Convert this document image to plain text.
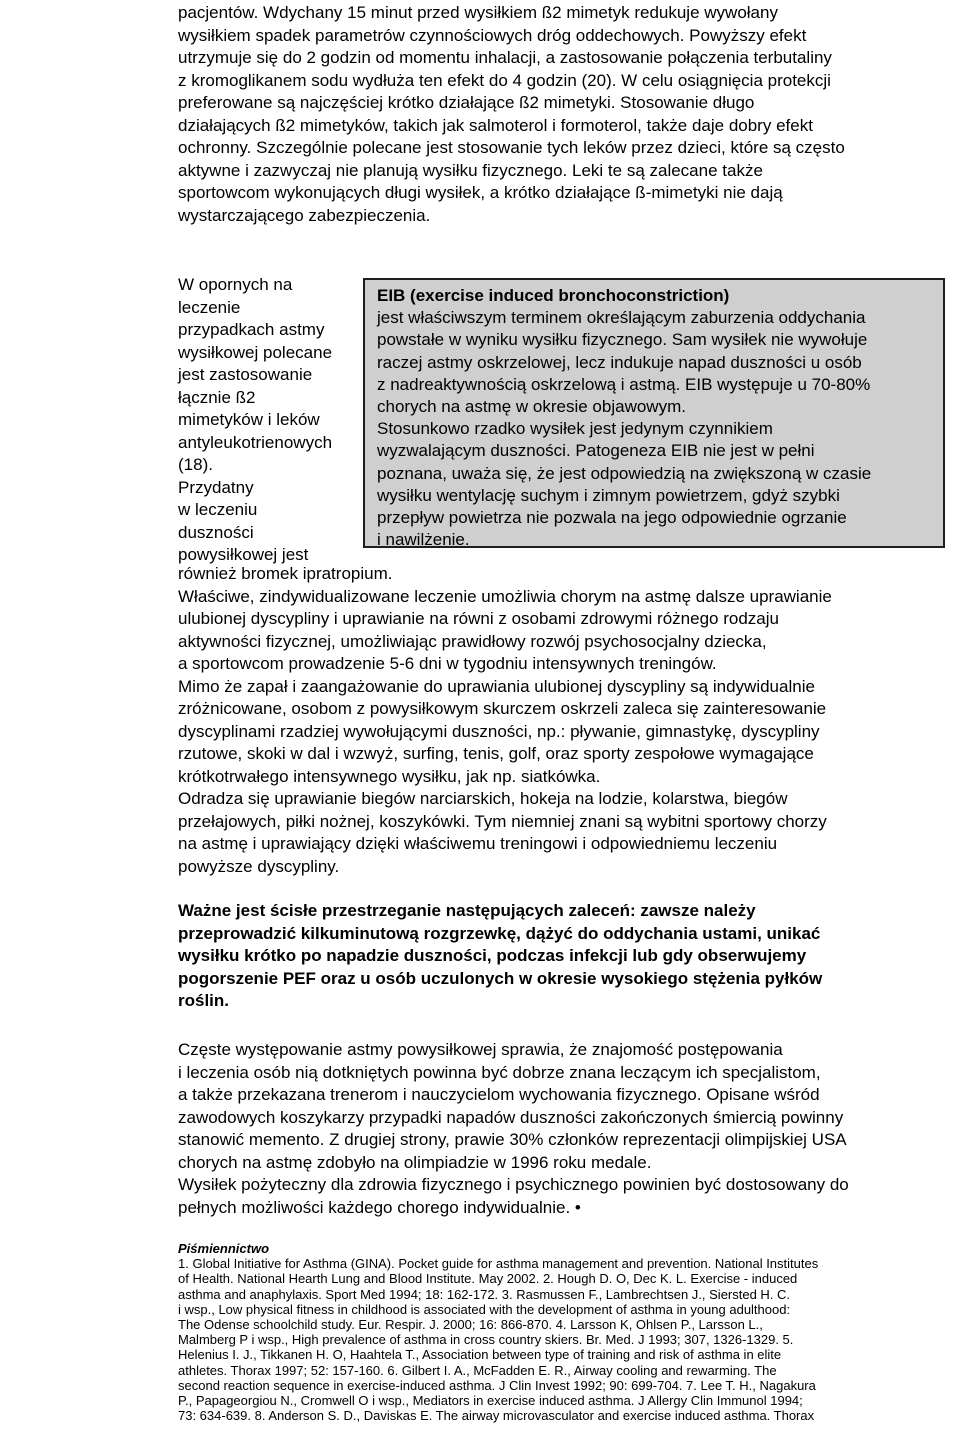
pacjentów. Wdychany 15 minut przed wysiłkiem ß2 mimetyk redukuje wywołany
wysiłkiem spadek parametrów czynnościowych dróg oddechowych. Powyższy efekt
utrzymuje się do 2 godzin od momentu inhalacji, a zastosowanie połączenia terbutaliny
z kromoglikanem sodu wydłuża ten efekt do 4 godzin (20). W celu osiągnięcia protekcji
preferowane są najczęściej krótko działające ß2 mimetyki. Stosowanie długo
działających ß2 mimetyków, takich jak salmoterol i formoterol, także daje dobry efekt
ochronny. Szczególnie polecane jest stosowanie tych leków przez dzieci, które są często
aktywne i zazwyczaj nie planują wysiłku fizycznego. Leki te są zalecane także
sportowcom wykonujących długi wysiłek, a krótko działające ß-mimetyki nie dają
wystarczającego zabezpieczenia.
W opornych na
leczenie
przypadkach astmy
wysiłkowej polecane
jest zastosowanie
łącznie ß2
mimetyków i leków
antyleukotrienowych
(18).
Przydatny
w leczeniu
duszności
powysiłkowej jest
EIB (exercise induced bronchoconstriction)
jest właściwszym terminem określającym zaburzenia oddychania
powstałe w wyniku wysiłku fizycznego. Sam wysiłek nie wywołuje
raczej astmy oskrzelowej, lecz indukuje napad duszności u osób
z nadreaktywnością oskrzelową i astmą. EIB występuje u 70-80%
chorych na astmę w okresie objawowym.
Stosunkowo rzadko wysiłek jest jedynym czynnikiem
wyzwalającym duszności. Patogeneza EIB nie jest w pełni
poznana, uważa się, że jest odpowiedzią na zwiększoną w czasie
wysiłku wentylację suchym i zimnym powietrzem, gdyż szybki
przepływ powietrza nie pozwala na jego odpowiednie ogrzanie
i nawilżenie.
również bromek ipratropium.
Właściwe, zindywidualizowane leczenie umożliwia chorym na astmę dalsze uprawianie
ulubionej dyscypliny i uprawianie na równi z osobami zdrowymi różnego rodzaju
aktywności fizycznej, umożliwiając prawidłowy rozwój psychosocjalny dziecka,
a sportowcom prowadzenie 5-6 dni w tygodniu intensywnych treningów.
Mimo że zapał i zaangażowanie do uprawiania ulubionej dyscypliny są indywidualnie
zróżnicowane, osobom z powysiłkowym skurczem oskrzeli zaleca się zainteresowanie
dyscyplinami rzadziej wywołującymi duszności, np.: pływanie, gimnastykę, dyscypliny
rzutowe, skoki w dal i wzwyż, surfing, tenis, golf, oraz sporty zespołowe wymagające
krótkotrwałego intensywnego wysiłku, jak np. siatkówka.
Odradza się uprawianie biegów narciarskich, hokeja na lodzie, kolarstwa, biegów
przełajowych, piłki nożnej, koszykówki. Tym niemniej znani są wybitni sportowy chorzy
na astmę i uprawiający dzięki właściwemu treningowi i odpowiedniemu leczeniu
powyższe dyscypliny.
Ważne jest ścisłe przestrzeganie następujących zaleceń: zawsze należy
przeprowadzić kilkuminutową rozgrzewkę, dążyć do oddychania ustami, unikać
wysiłku krótko po napadzie duszności, podczas infekcji lub gdy obserwujemy
pogorszenie PEF oraz u osób uczulonych w okresie wysokiego stężenia pyłków
roślin.
Częste występowanie astmy powysiłkowej sprawia, że znajomość postępowania
i leczenia osób nią dotkniętych powinna być dobrze znana leczącym ich specjalistom,
a także przekazana trenerom i nauczycielom wychowania fizycznego. Opisane wśród
zawodowych koszykarzy przypadki napadów duszności zakończonych śmiercią powinny
stanowić memento. Z drugiej strony, prawie 30% członków reprezentacji olimpijskiej USA
chorych na astmę zdobyło na olimpiadzie w 1996 roku medale.
Wysiłek pożyteczny dla zdrowia fizycznego i psychicznego powinien być dostosowany do
pełnych możliwości każdego chorego indywidualnie. •
Piśmiennictwo
1. Global Initiative for Asthma (GINA). Pocket guide for asthma management and prevention. National Institutes
of Health. National Hearth Lung and Blood Institute. May 2002. 2. Hough D. O, Dec K. L. Exercise - induced
asthma and anaphylaxis. Sport Med 1994; 18: 162-172. 3. Rasmussen F., Lambrechtsen J., Siersted H. C.
i wsp., Low physical fitness in childhood is associated with the development of asthma in young adulthood:
The Odense schoolchild study. Eur. Respir. J. 2000; 16: 866-870. 4. Larsson K, Ohlsen P., Larsson L.,
Malmberg P i wsp., High prevalence of asthma in cross country skiers. Br. Med. J 1993; 307, 1326-1329. 5.
Helenius I. J., Tikkanen H. O, Haahtela T., Association between type of training and risk of asthma in elite
athletes. Thorax 1997; 52: 157-160. 6. Gilbert I. A., McFadden E. R., Airway cooling and rewarming. The
second reaction sequence in exercise-induced asthma. J Clin Invest 1992; 90: 699-704. 7. Lee T. H., Nagakura
P., Papageorgiou N., Cromwell O i wsp., Mediators in exercise induced asthma. J Allergy Clin Immunol 1994;
73: 634-639. 8. Anderson S. D., Daviskas E. The airway microvasculator and exercise induced asthma. Thorax
